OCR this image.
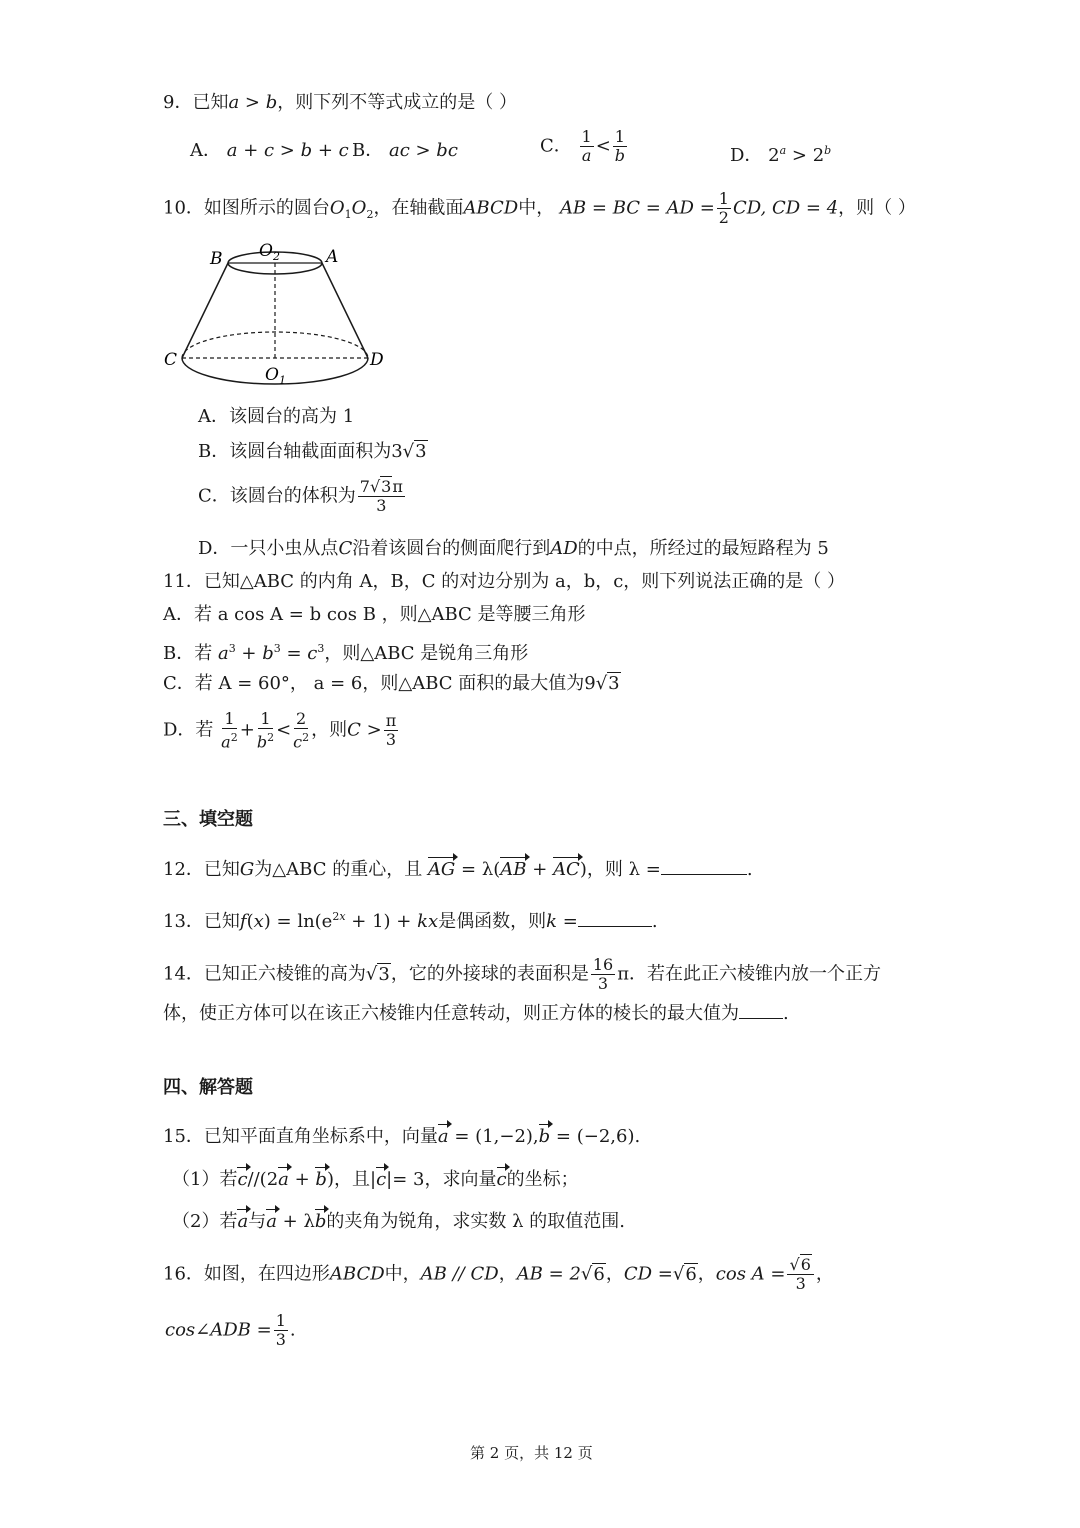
9．已知a > b，则下列不等式成立的是（ ）
A． a + c > b + c B． ac > bc	C． $\frac{1}{a} < \frac{1}{b}$	D． $2^a > 2^b$
10．如图所示的圆台$O_1O_2$，在轴截面ABCD中， AB = BC = AD = $\frac{1}{2}$ CD, CD = 4，则（ ）
B	A
$O_2$
C	D
$O_1$
A．该圆台的高为 1
B．该圆台轴截面面积为3√3
C．该圆台的体积为 $\frac{7√3\pi}{3}$
D．一只小虫从点C沿着该圆台的侧面爬行到AD的中点，所经过的最短路程为 5
11．已知△ABC 的内角 A，B，C 的对边分别为 a，b，c，则下列说法正确的是（ ）
A．若 a cos A = b cos B ，则△ABC 是等腰三角形
B．若 $a^3 + b^3 = c^3$，则△ABC 是锐角三角形
C．若 A = 60°， a = 6，则△ABC 面积的最大值为9√3
D．若 $\frac{1}{a^2} + \frac{1}{b^2} < \frac{2}{c^2}$ ，则$C > \frac{\pi}{3}$
三、填空题
12．已知G为△ABC 的重心，且 AG = λ(AB + AC)，则 λ =	.
13．已知$f(x) = \ln(e^{2x} + 1)$ + kx是偶函数，则k =	.
14．已知正六棱锥的高为√3，它的外接球的表面积是 $\frac{16}{3}$ π．若在此正六棱锥内放一个正方
体，使正方体可以在该正六棱锥内任意转动，则正方体的棱长的最大值为 .
四、解答题
15．已知平面直角坐标系中，向量a = (1,−2),b = (−2,6).
（1）若c//(2a + b)，且|c|= 3，求向量c的坐标；
（2）若a与a + λb的夹角为锐角，求实数 λ 的取值范围.
16．如图，在四边形ABCD中，AB // CD，AB = 2√6，CD =√6，$\cos A = \frac{√6}{3}$ ，
cos∠ADB = $\frac{1}{3}$ .
第 2 页，共 12 页
